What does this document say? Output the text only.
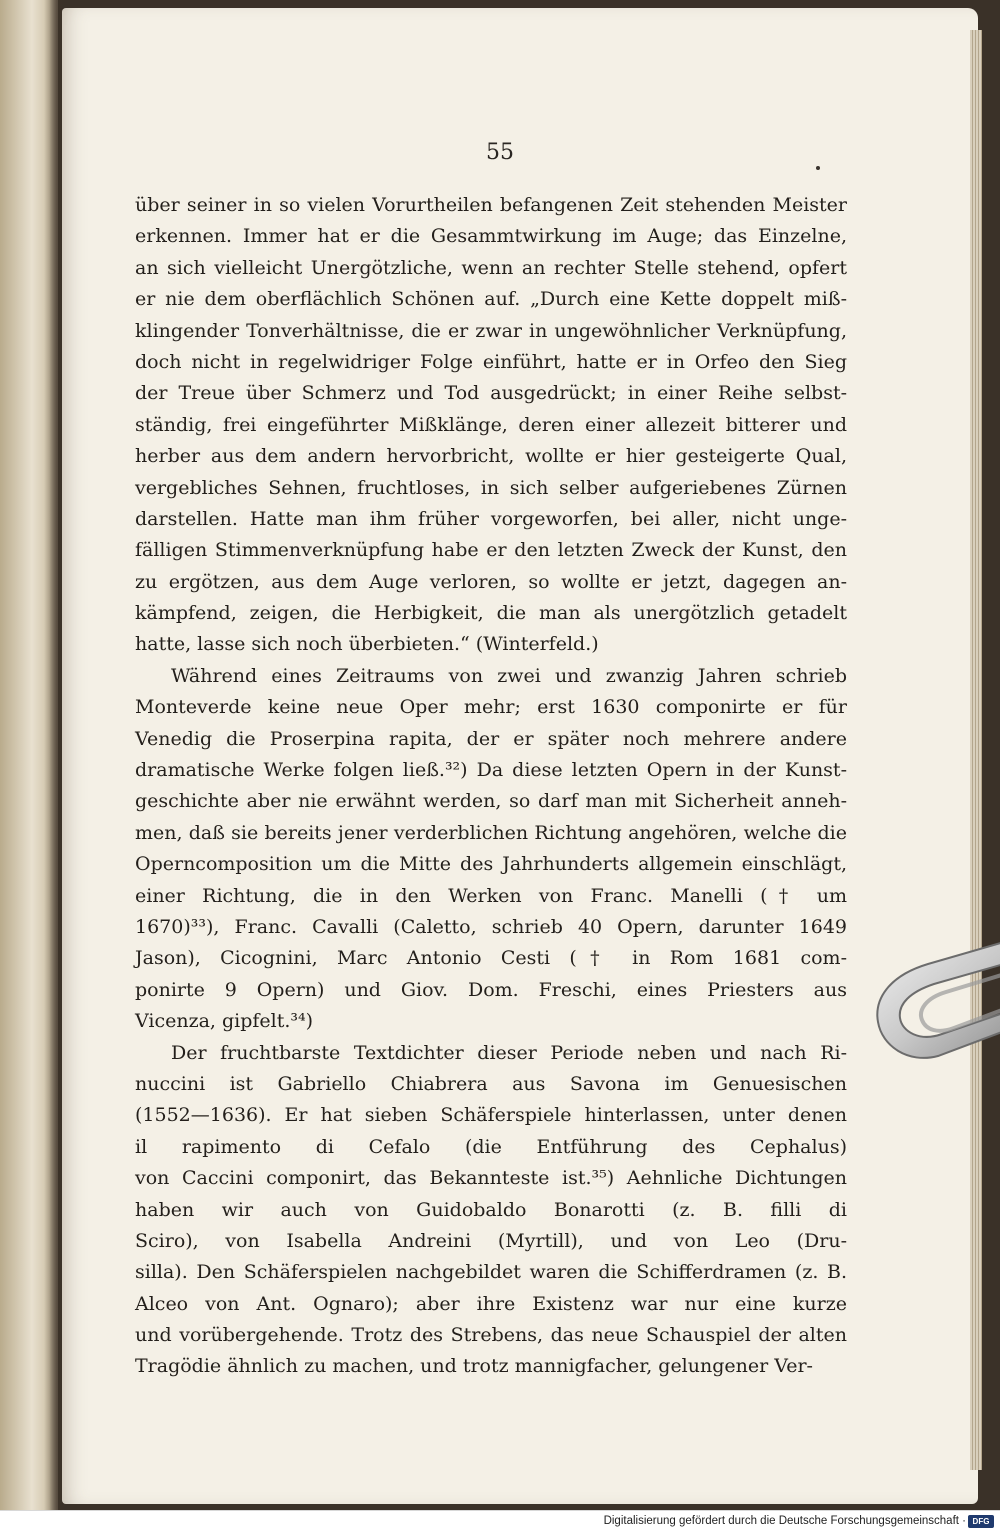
55
über seiner in so vielen Vorurtheilen befangenen Zeit stehenden Meister
erkennen. Immer hat er die Gesammtwirkung im Auge; das Einzelne,
an sich vielleicht Unergötzliche, wenn an rechter Stelle stehend, opfert
er nie dem oberflächlich Schönen auf. „Durch eine Kette doppelt miß-
klingender Tonverhältnisse, die er zwar in ungewöhnlicher Verknüpfung,
doch nicht in regelwidriger Folge einführt, hatte er in Orfeo den Sieg
der Treue über Schmerz und Tod ausgedrückt; in einer Reihe selbst-
ständig, frei eingeführter Mißklänge, deren einer allezeit bitterer und
herber aus dem andern hervorbricht, wollte er hier gesteigerte Qual,
vergebliches Sehnen, fruchtloses, in sich selber aufgeriebenes Zürnen
darstellen. Hatte man ihm früher vorgeworfen, bei aller, nicht unge-
fälligen Stimmenverknüpfung habe er den letzten Zweck der Kunst, den
zu ergötzen, aus dem Auge verloren, so wollte er jetzt, dagegen an-
kämpfend, zeigen, die Herbigkeit, die man als unergötzlich getadelt
hatte, lasse sich noch überbieten.“ (Winterfeld.)
Während eines Zeitraums von zwei und zwanzig Jahren schrieb
Monteverde keine neue Oper mehr; erst 1630 componirte er für
Venedig die Proserpina rapita, der er später noch mehrere andere
dramatische Werke folgen ließ.³²) Da diese letzten Opern in der Kunst-
geschichte aber nie erwähnt werden, so darf man mit Sicherheit anneh-
men, daß sie bereits jener verderblichen Richtung angehören, welche die
Operncomposition um die Mitte des Jahrhunderts allgemein einschlägt,
einer Richtung, die in den Werken von Franc. Manelli († um
1670)³³), Franc. Cavalli (Caletto, schrieb 40 Opern, darunter 1649
Jason), Cicognini, Marc Antonio Cesti († in Rom 1681 com-
ponirte 9 Opern) und Giov. Dom. Freschi, eines Priesters aus
Vicenza, gipfelt.³⁴)
Der fruchtbarste Textdichter dieser Periode neben und nach Ri-
nuccini ist Gabriello Chiabrera aus Savona im Genuesischen
(1552—1636). Er hat sieben Schäferspiele hinterlassen, unter denen
il rapimento di Cefalo (die Entführung des Cephalus)
von Caccini componirt, das Bekannteste ist.³⁵) Aehnliche Dichtungen
haben wir auch von Guidobaldo Bonarotti (z. B. filli di
Sciro), von Isabella Andreini (Myrtill), und von Leo (Dru-
silla). Den Schäferspielen nachgebildet waren die Schifferdramen (z. B.
Alceo von Ant. Ognaro); aber ihre Existenz war nur eine kurze
und vorübergehende. Trotz des Strebens, das neue Schauspiel der alten
Tragödie ähnlich zu machen, und trotz mannigfacher, gelungener Ver-
Digitalisierung gefördert durch die Deutsche Forschungsgemeinschaft · DFG
